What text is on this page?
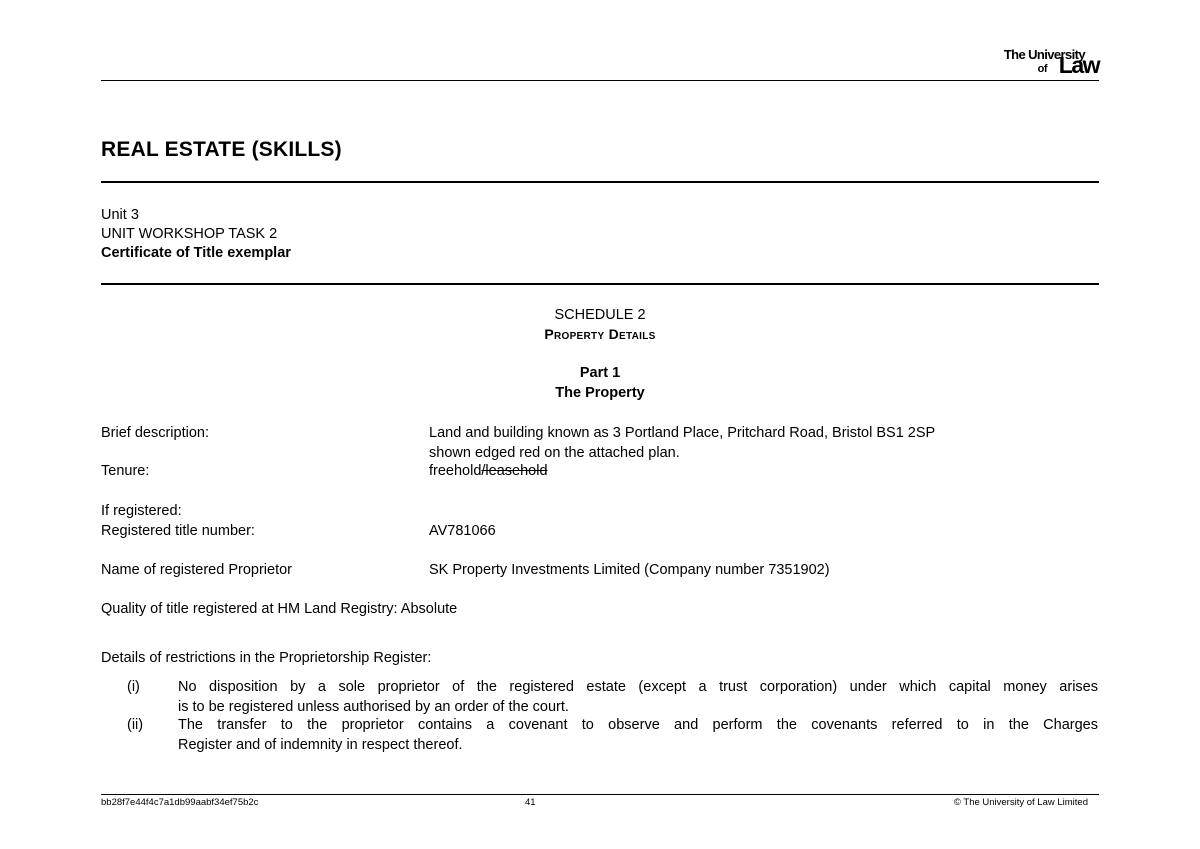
The University
of Law
REAL ESTATE (SKILLS)
Unit 3
UNIT WORKSHOP TASK 2
Certificate of Title exemplar
SCHEDULE 2
Property Details
Part 1
The Property
Brief description:	Land and building known as 3 Portland Place, Pritchard Road, Bristol BS1 2SP
shown edged red on the attached plan.
Tenure:	freehold/leasehold
If registered:
Registered title number:	AV781066
Name of registered Proprietor	SK Property Investments Limited (Company number 7351902)
Quality of title registered at HM Land Registry: Absolute
Details of restrictions in the Proprietorship Register:
(i)	No disposition by a sole proprietor of the registered estate (except a trust corporation) under which capital money arises
is to be registered unless authorised by an order of the court.
(ii) The transfer to the proprietor contains a covenant to observe and perform the covenants referred to in the Charges
Register and of indemnity in respect thereof.
bb28f7e44f4c7a1db99aabf34ef75b2c	41	© The University of Law Limited
